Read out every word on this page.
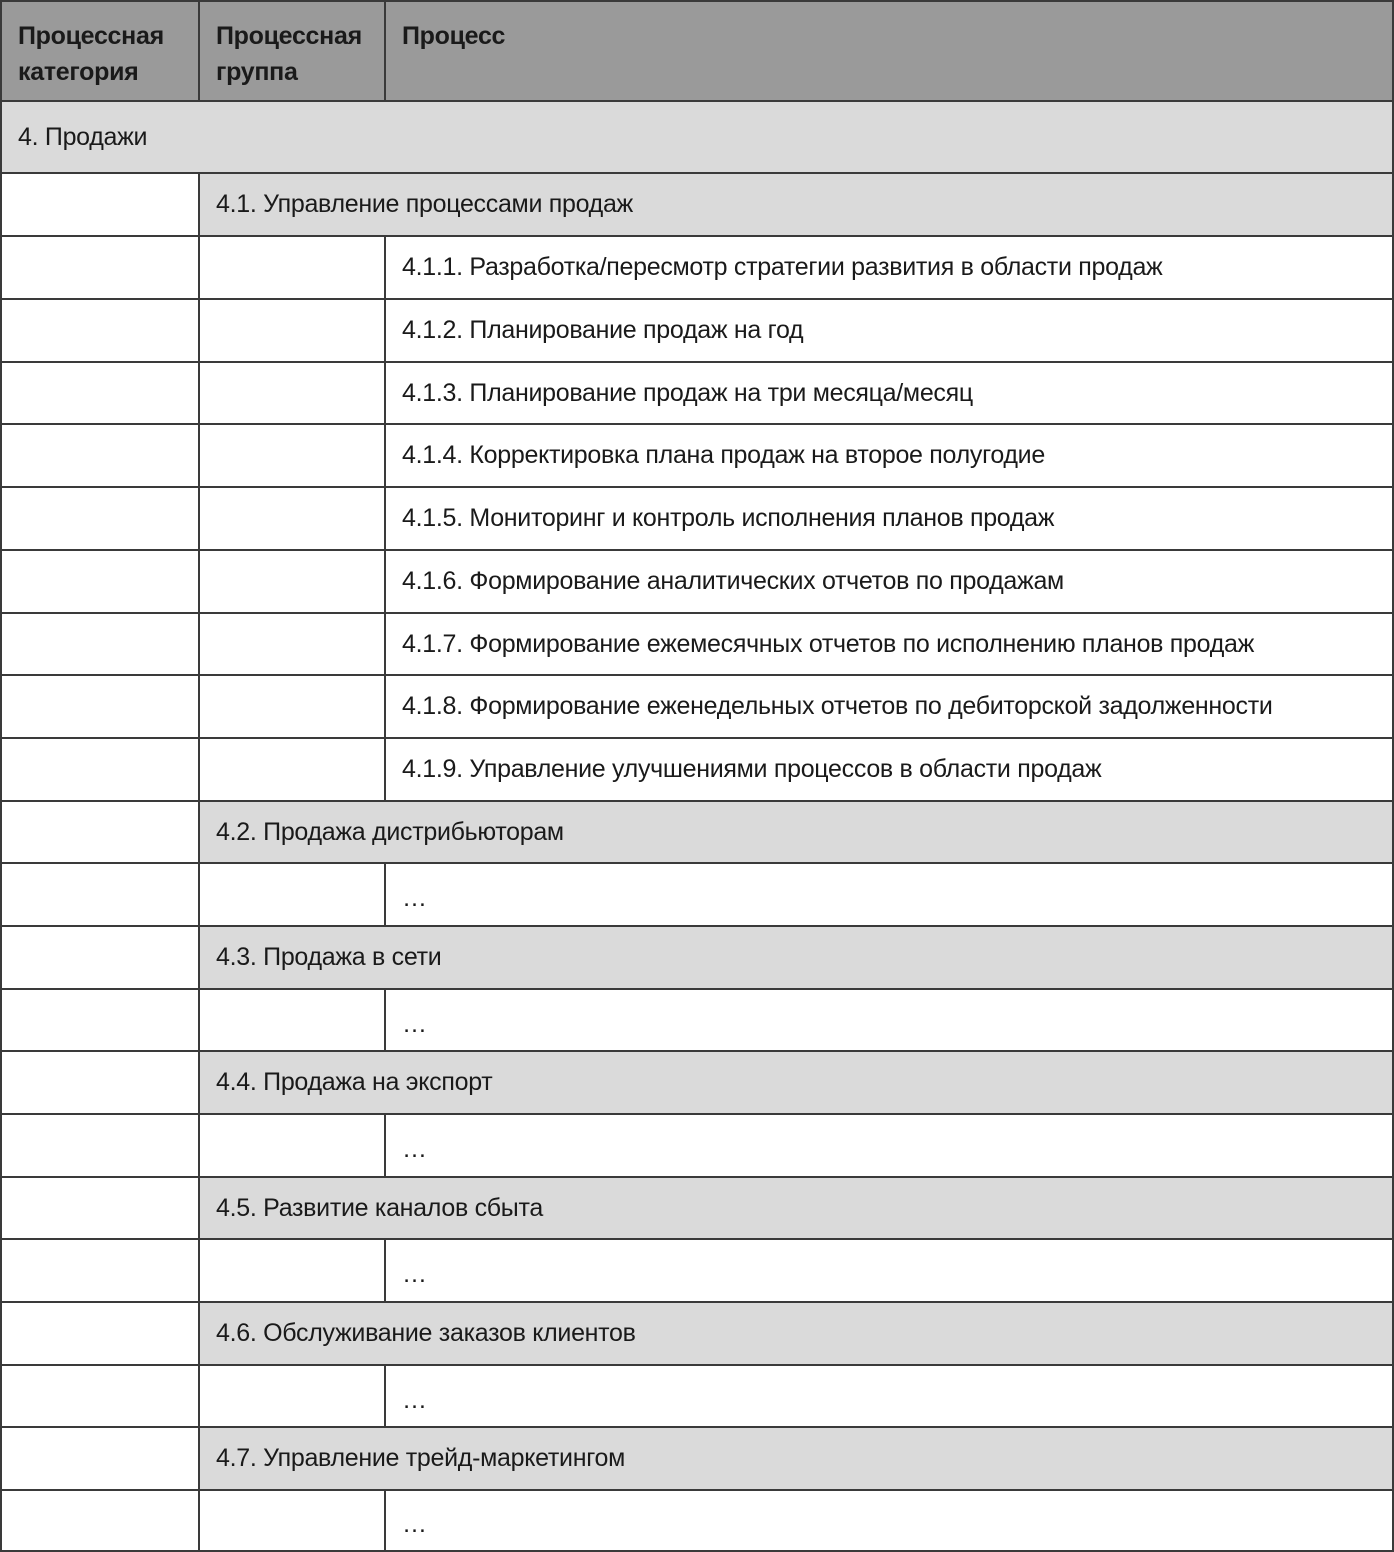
Процессная категория
Процессная группа
Процесс
4. Продажи
4.1. Управление процессами продаж
4.1.1. Разработка/пересмотр стратегии развития в области продаж
4.1.2. Планирование продаж на год
4.1.3. Планирование продаж на три месяца/месяц
4.1.4. Корректировка плана продаж на второе полугодие
4.1.5. Мониторинг и контроль исполнения планов продаж
4.1.6. Формирование аналитических отчетов по продажам
4.1.7. Формирование ежемесячных отчетов по исполнению планов продаж
4.1.8. Формирование еженедельных отчетов по дебиторской задолженности
4.1.9. Управление улучшениями процессов в области продаж
4.2. Продажа дистрибьюторам
…
4.3. Продажа в сети
…
4.4. Продажа на экспорт
…
4.5. Развитие каналов сбыта
…
4.6. Обслуживание заказов клиентов
…
4.7. Управление трейд-маркетингом
…
